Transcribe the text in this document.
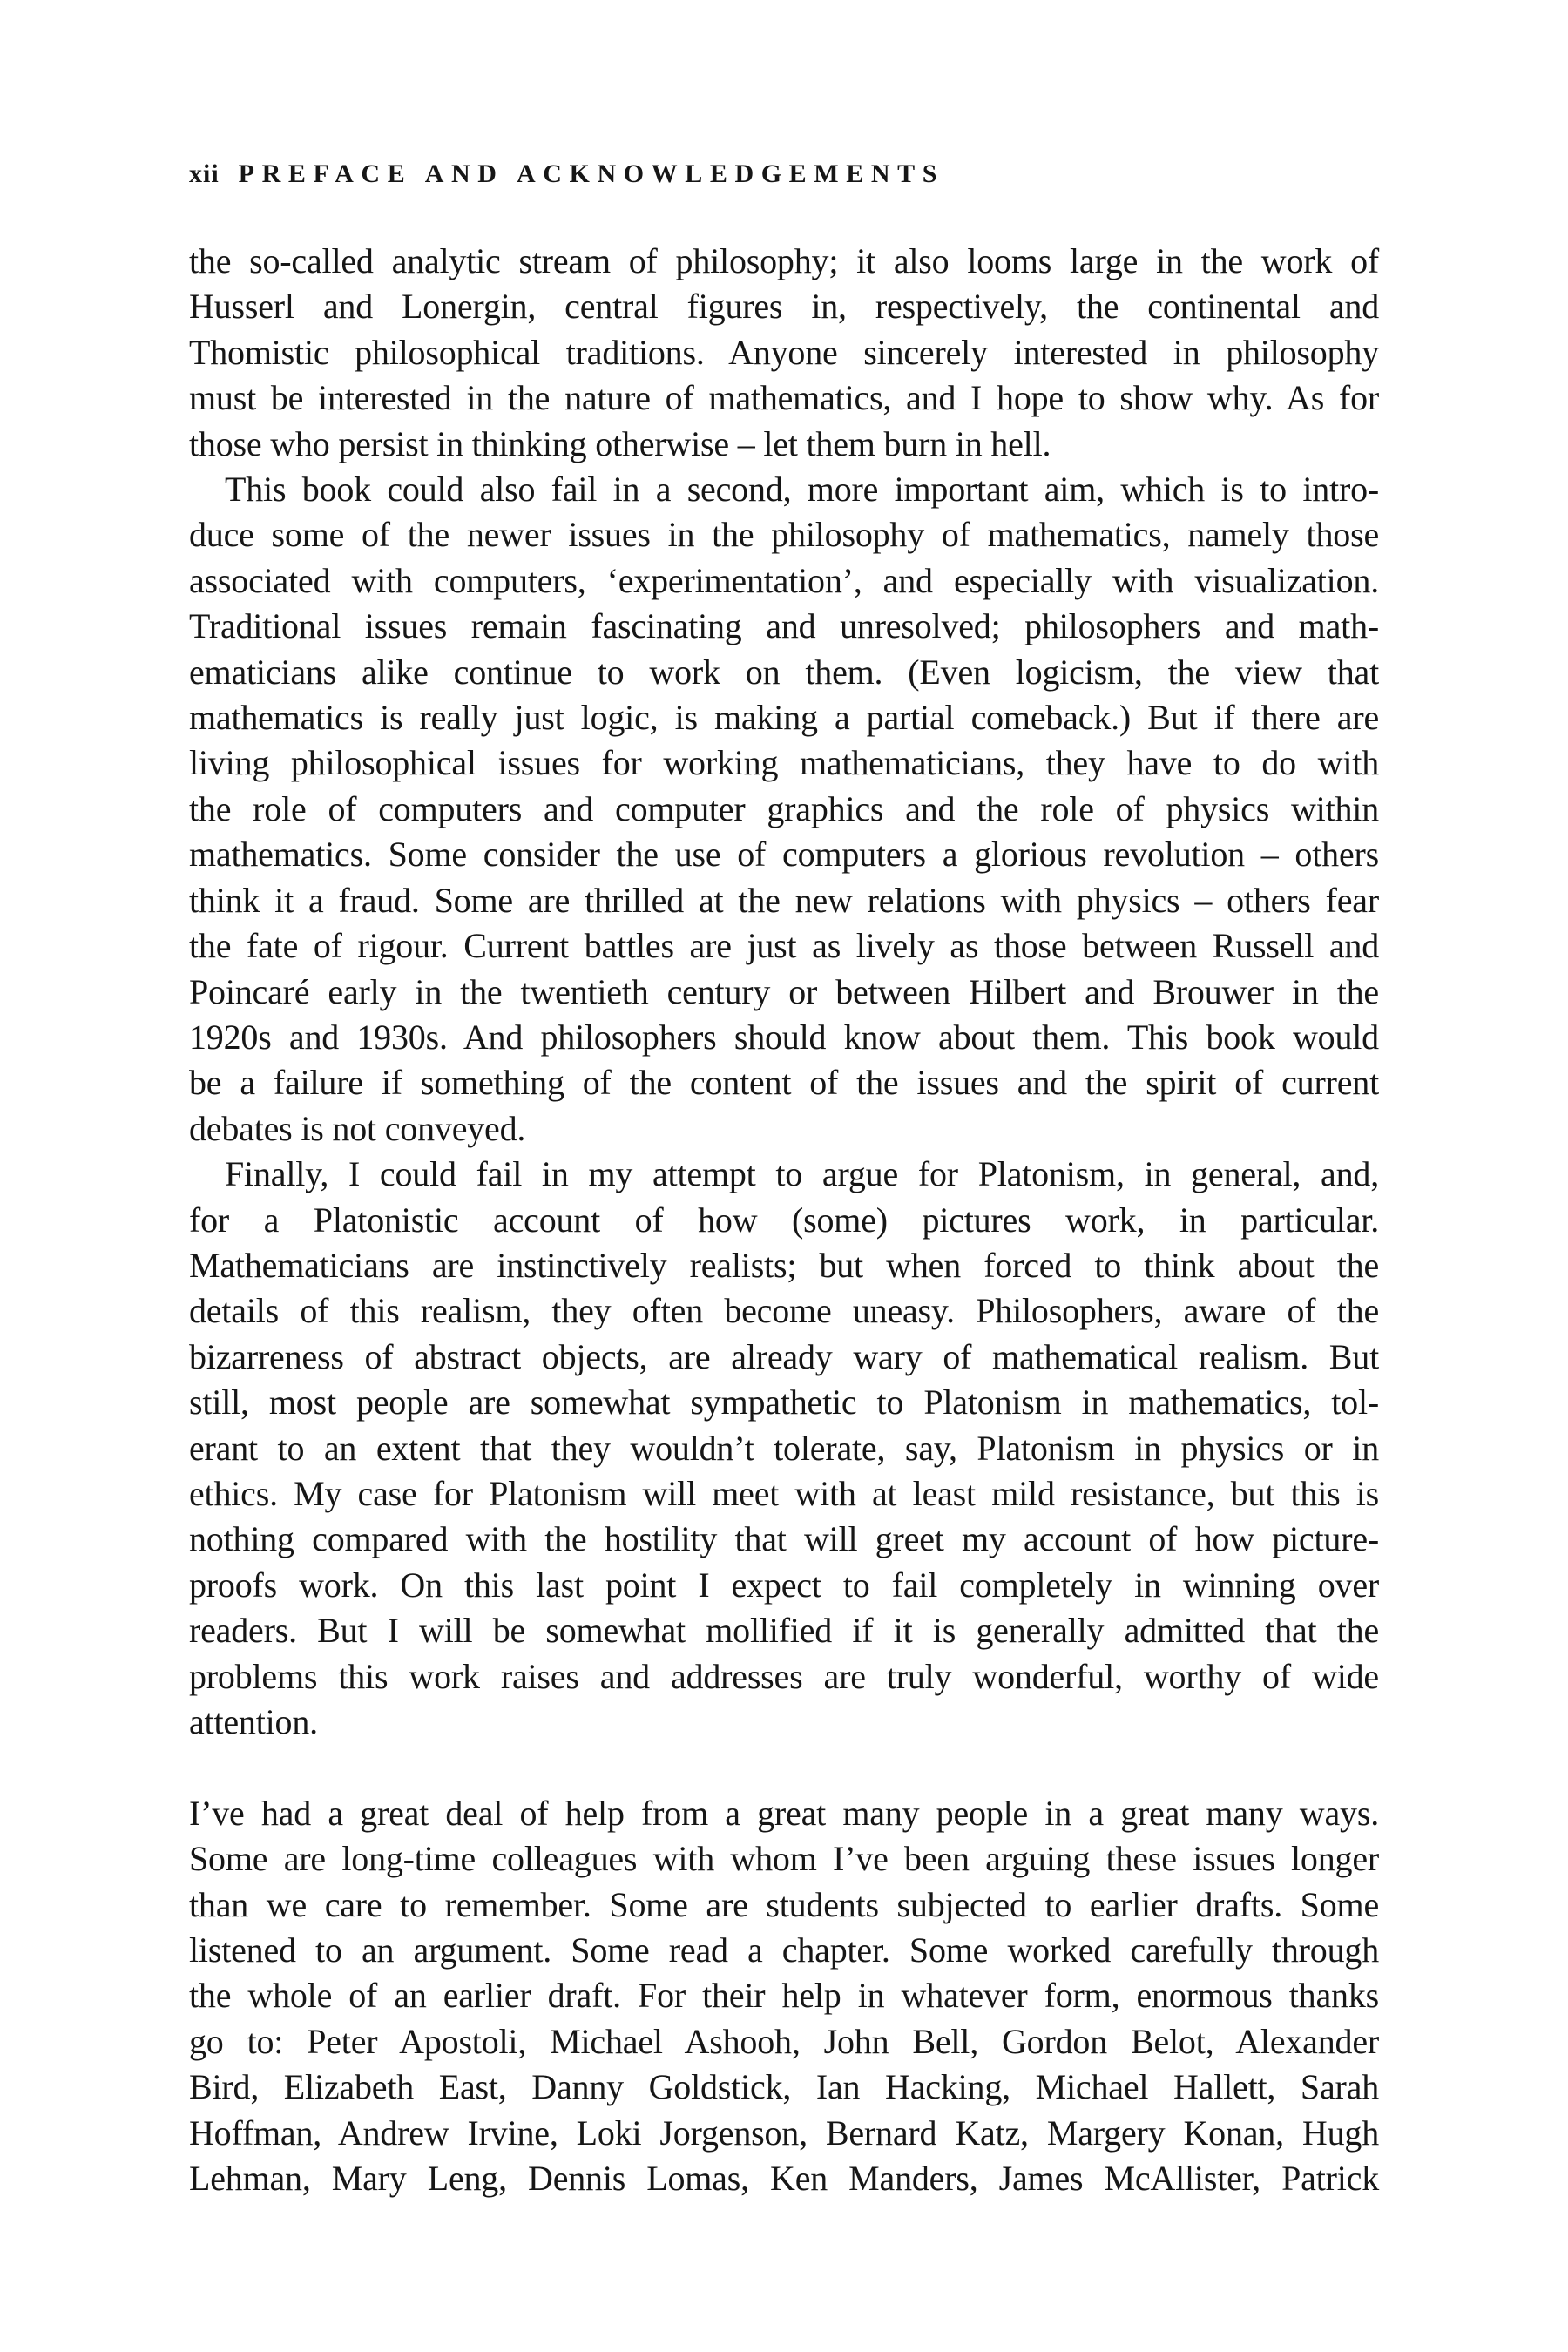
xii PREFACE AND ACKNOWLEDGEMENTS

the so-called analytic stream of philosophy; it also looms large in the work of

Husserl and Lonergin, central figures in, respectively, the continental and

Thomistic philosophical traditions. Anyone sincerely interested in philosophy

must be interested in the nature of mathematics, and I hope to show why. As for

those who persist in thinking otherwise – let them burn in hell.

This book could also fail in a second, more important aim, which is to intro-

duce some of the newer issues in the philosophy of mathematics, namely those

associated with computers, ‘experimentation’, and especially with visualization.

Traditional issues remain fascinating and unresolved; philosophers and math-

ematicians alike continue to work on them. (Even logicism, the view that

mathematics is really just logic, is making a partial comeback.) But if there are

living philosophical issues for working mathematicians, they have to do with

the role of computers and computer graphics and the role of physics within

mathematics. Some consider the use of computers a glorious revolution – others

think it a fraud. Some are thrilled at the new relations with physics – others fear

the fate of rigour. Current battles are just as lively as those between Russell and

Poincaré early in the twentieth century or between Hilbert and Brouwer in the

1920s and 1930s. And philosophers should know about them. This book would

be a failure if something of the content of the issues and the spirit of current

debates is not conveyed.

Finally, I could fail in my attempt to argue for Platonism, in general, and,

for a Platonistic account of how (some) pictures work, in particular.

Mathematicians are instinctively realists; but when forced to think about the

details of this realism, they often become uneasy. Philosophers, aware of the

bizarreness of abstract objects, are already wary of mathematical realism. But

still, most people are somewhat sympathetic to Platonism in mathematics, tol-

erant to an extent that they wouldn’t tolerate, say, Platonism in physics or in

ethics. My case for Platonism will meet with at least mild resistance, but this is

nothing compared with the hostility that will greet my account of how picture-

proofs work. On this last point I expect to fail completely in winning over

readers. But I will be somewhat mollified if it is generally admitted that the

problems this work raises and addresses are truly wonderful, worthy of wide

attention.

I’ve had a great deal of help from a great many people in a great many ways.

Some are long-time colleagues with whom I’ve been arguing these issues longer

than we care to remember. Some are students subjected to earlier drafts. Some

listened to an argument. Some read a chapter. Some worked carefully through

the whole of an earlier draft. For their help in whatever form, enormous thanks

go to: Peter Apostoli, Michael Ashooh, John Bell, Gordon Belot, Alexander

Bird, Elizabeth East, Danny Goldstick, Ian Hacking, Michael Hallett, Sarah

Hoffman, Andrew Irvine, Loki Jorgenson, Bernard Katz, Margery Konan, Hugh

Lehman, Mary Leng, Dennis Lomas, Ken Manders, James McAllister, Patrick
